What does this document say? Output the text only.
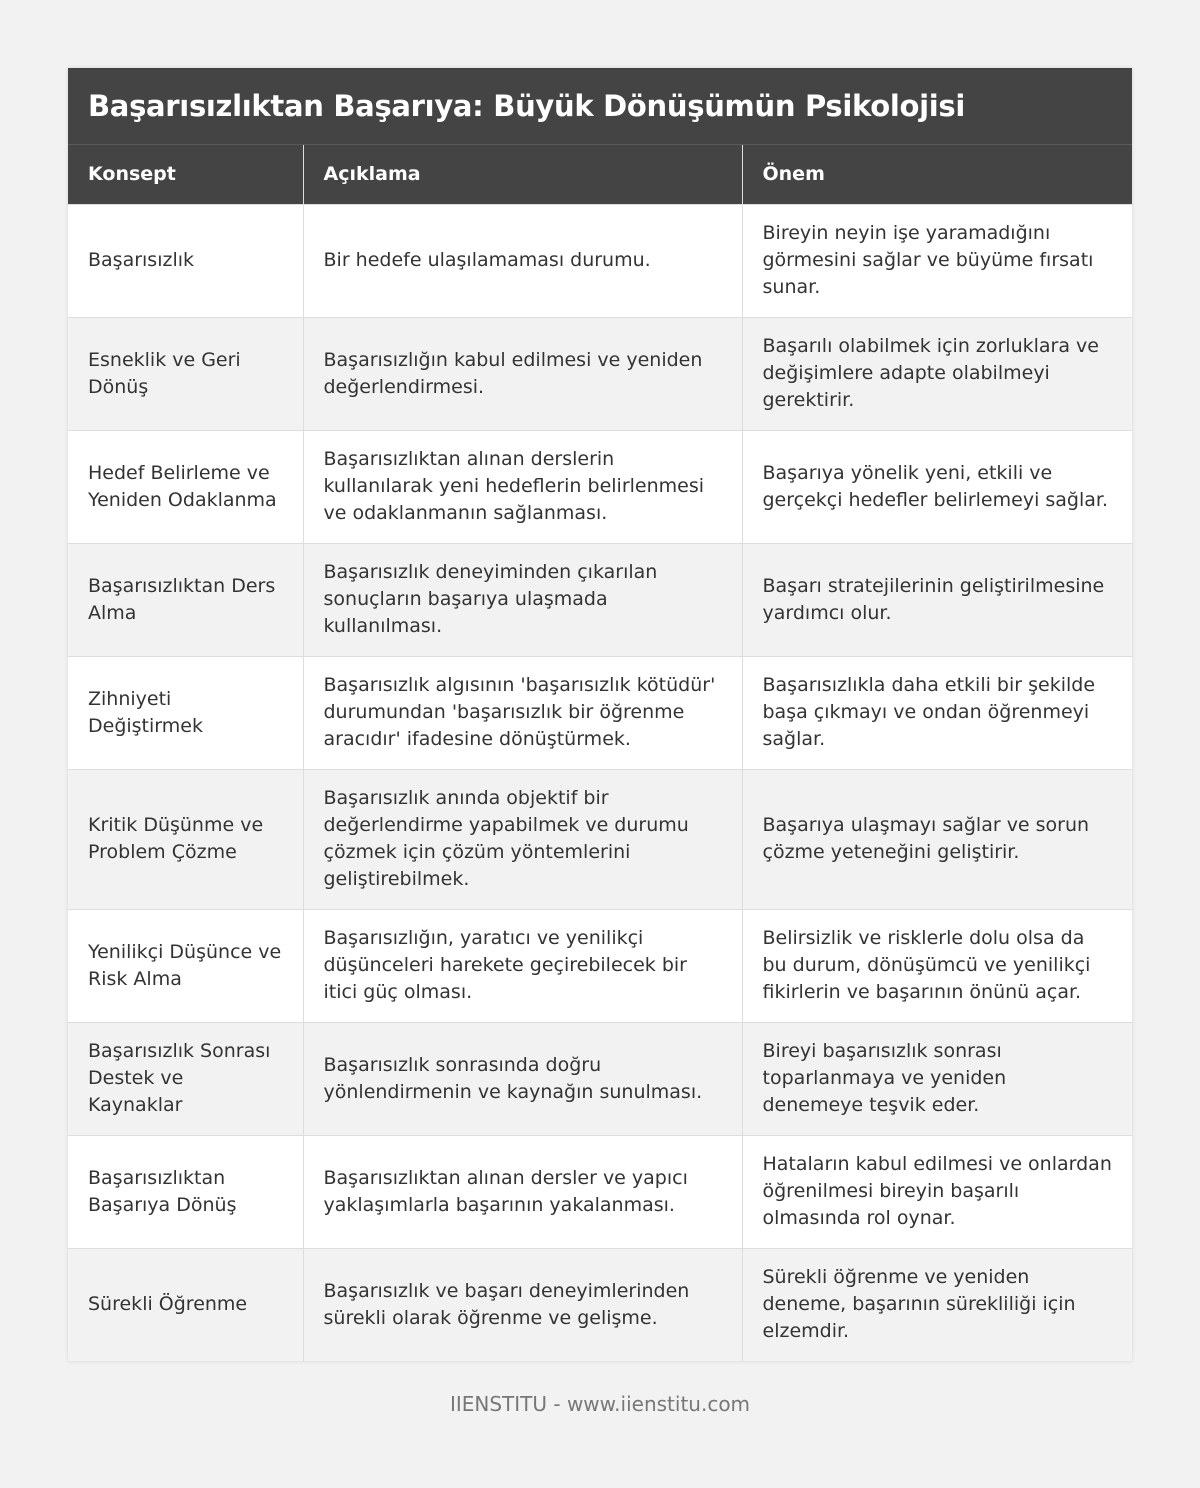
Başarısızlıktan Başarıya: Büyük Dönüşümün Psikolojisi
Konsept	Açıklama	Önem
Başarısızlık	Bir hedefe ulaşılamaması durumu.	Bireyin neyin işe yaramadığını görmesini sağlar ve büyüme fırsatı sunar.
Esneklik ve Geri Dönüş	Başarısızlığın kabul edilmesi ve yeniden değerlendirmesi.	Başarılı olabilmek için zorluklara ve değişimlere adapte olabilmeyi gerektirir.
Hedef Belirleme ve Yeniden Odaklanma	Başarısızlıktan alınan derslerin kullanılarak yeni hedeflerin belirlenmesi ve odaklanmanın sağlanması.	Başarıya yönelik yeni, etkili ve gerçekçi hedefler belirlemeyi sağlar.
Başarısızlıktan Ders Alma	Başarısızlık deneyiminden çıkarılan sonuçların başarıya ulaşmada kullanılması.	Başarı stratejilerinin geliştirilmesine yardımcı olur.
Zihniyeti Değiştirmek	Başarısızlık algısının 'başarısızlık kötüdür' durumundan 'başarısızlık bir öğrenme aracıdır' ifadesine dönüştürmek.	Başarısızlıkla daha etkili bir şekilde başa çıkmayı ve ondan öğrenmeyi sağlar.
Kritik Düşünme ve Problem Çözme	Başarısızlık anında objektif bir değerlendirme yapabilmek ve durumu çözmek için çözüm yöntemlerini geliştirebilmek.	Başarıya ulaşmayı sağlar ve sorun çözme yeteneğini geliştirir.
Yenilikçi Düşünce ve Risk Alma	Başarısızlığın, yaratıcı ve yenilikçi düşünceleri harekete geçirebilecek bir itici güç olması.	Belirsizlik ve risklerle dolu olsa da bu durum, dönüşümcü ve yenilikçi fikirlerin ve başarının önünü açar.
Başarısızlık Sonrası Destek ve Kaynaklar	Başarısızlık sonrasında doğru yönlendirmenin ve kaynağın sunulması.	Bireyi başarısızlık sonrası toparlanmaya ve yeniden denemeye teşvik eder.
Başarısızlıktan Başarıya Dönüş	Başarısızlıktan alınan dersler ve yapıcı yaklaşımlarla başarının yakalanması.	Hataların kabul edilmesi ve onlardan öğrenilmesi bireyin başarılı olmasında rol oynar.
Sürekli Öğrenme	Başarısızlık ve başarı deneyimlerinden sürekli olarak öğrenme ve gelişme.	Sürekli öğrenme ve yeniden deneme, başarının sürekliliği için elzemdir.
IIENSTITU - www.iienstitu.com
